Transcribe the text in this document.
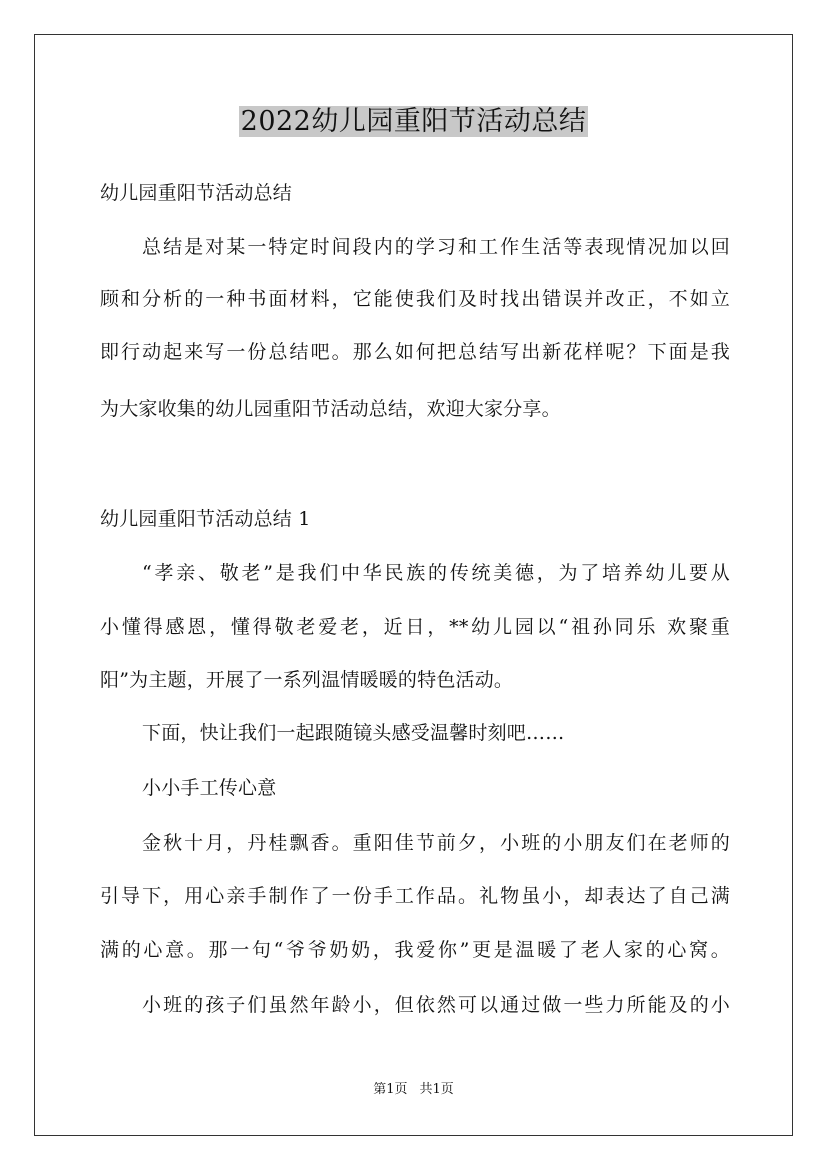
2022幼儿园重阳节活动总结
幼儿园重阳节活动总结
总结是对某一特定时间段内的学习和工作生活等表现情况加以回
顾和分析的一种书面材料，它能使我们及时找出错误并改正，不如立
即行动起来写一份总结吧。那么如何把总结写出新花样呢？下面是我
为大家收集的幼儿园重阳节活动总结，欢迎大家分享。
幼儿园重阳节活动总结 1
“孝亲、敬老”是我们中华民族的传统美德，为了培养幼儿要从
小懂得感恩，懂得敬老爱老，近日，**幼儿园以“祖孙同乐 欢聚重
阳”为主题，开展了一系列温情暖暖的特色活动。
下面，快让我们一起跟随镜头感受温馨时刻吧……
小小手工传心意
金秋十月，丹桂飘香。重阳佳节前夕，小班的小朋友们在老师的
引导下，用心亲手制作了一份手工作品。礼物虽小，却表达了自己满
满的心意。那一句“爷爷奶奶，我爱你”更是温暖了老人家的心窝。
小班的孩子们虽然年龄小，但依然可以通过做一些力所能及的小
第1页 共1页
